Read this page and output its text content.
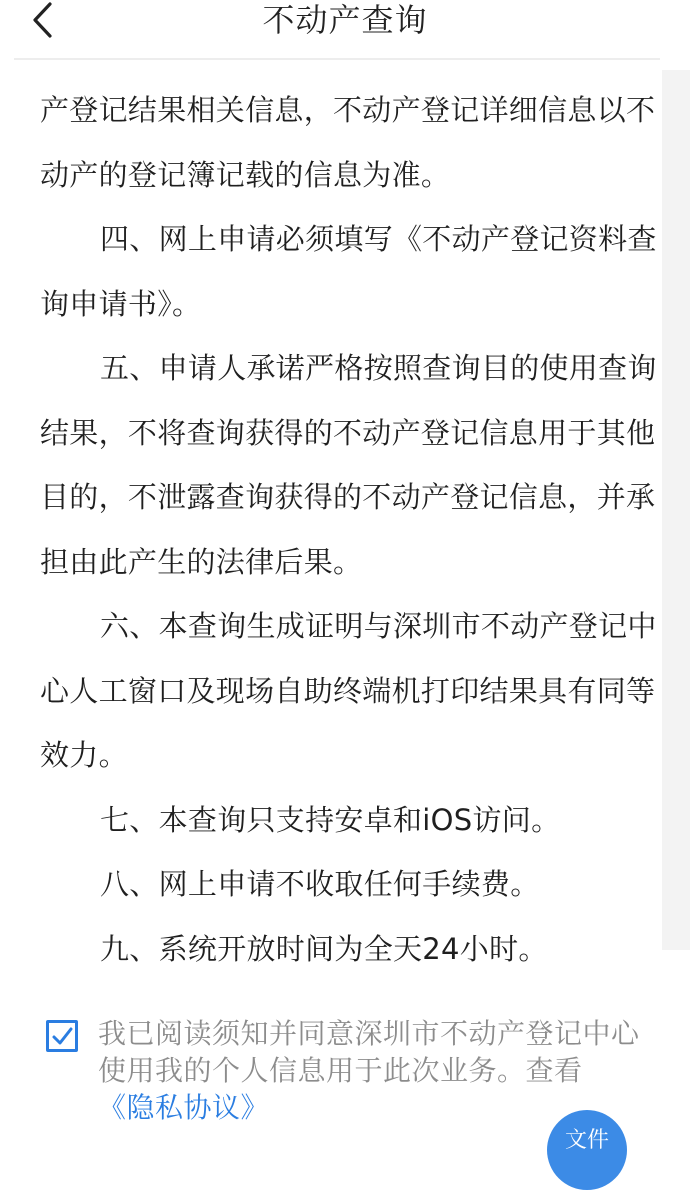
不动产查询

产登记结果相关信息，不动产登记详细信息以不动产的登记簿记载的信息为准。

四、网上申请必须填写《不动产登记资料查询申请书》。

五、申请人承诺严格按照查询目的使用查询结果，不将查询获得的不动产登记信息用于其他目的，不泄露查询获得的不动产登记信息，并承担由此产生的法律后果。

六、本查询生成证明与深圳市不动产登记中心人工窗口及现场自助终端机打印结果具有同等效力。

七、本查询只支持安卓和iOS访问。

八、网上申请不收取任何手续费。

九、系统开放时间为全天24小时。

我已阅读须知并同意深圳市不动产登记中心使用我的个人信息用于此次业务。查看
《隐私协议》
文件
